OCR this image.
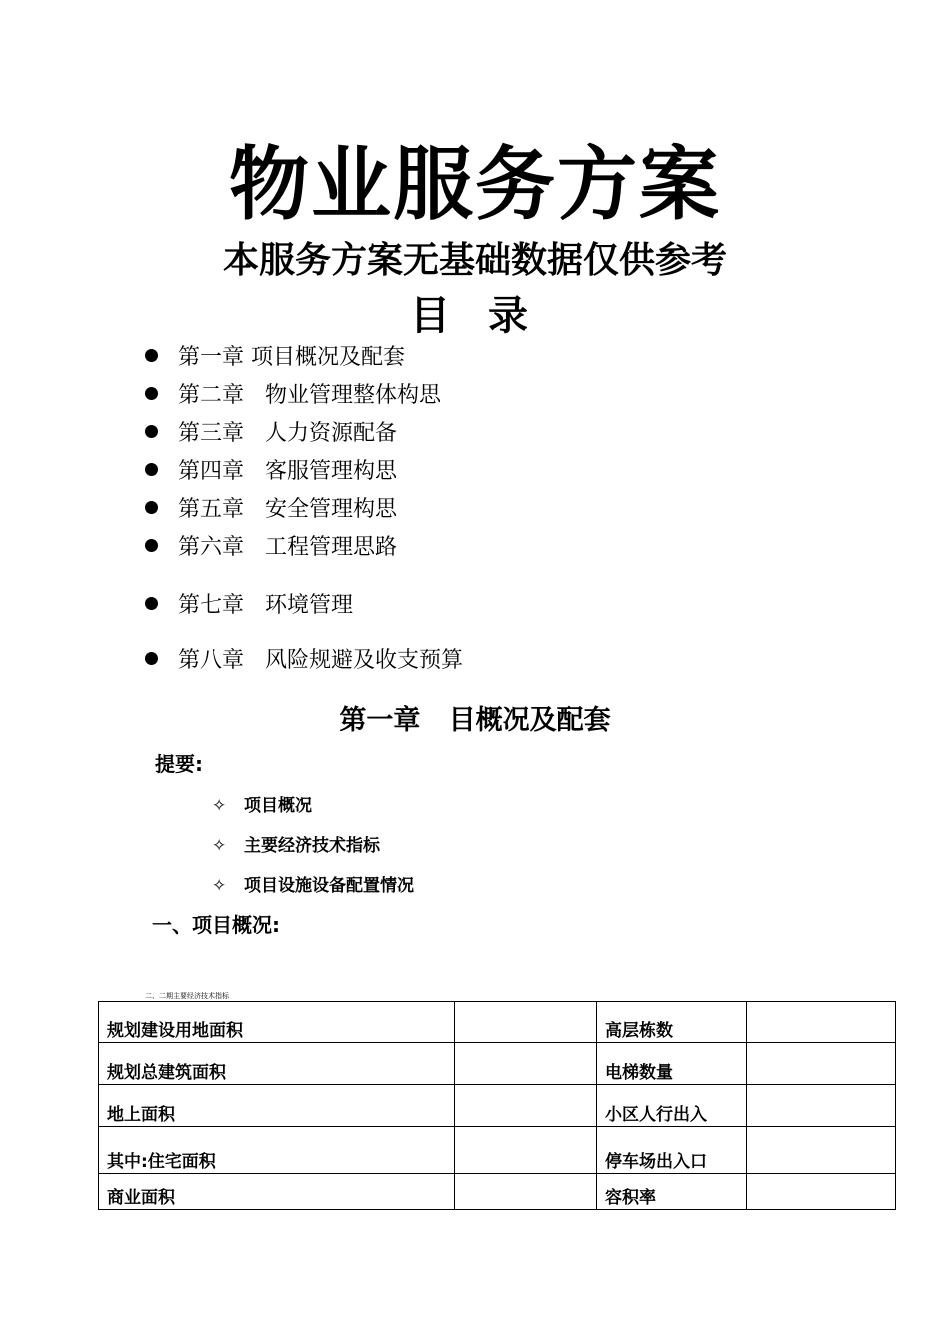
物业服务方案
本服务方案无基础数据仅供参考
目 录
第一章 项目概况及配套
第二章 物业管理整体构思
第三章 人力资源配备
第四章 客服管理构思
第五章 安全管理构思
第六章 工程管理思路
第七章 环境管理
第八章 风险规避及收支预算
第一章   目概况及配套
提要:
✧ 项目概况
✧ 主要经济技术指标
✧ 项目设施设备配置情况
一、项目概况:
二、二期主要经济技术指标
规划建设用地面积		高层栋数	
规划总建筑面积		电梯数量	
地上面积		小区人行出入	
其中:住宅面积		停车场出入口	
商业面积		容积率	
